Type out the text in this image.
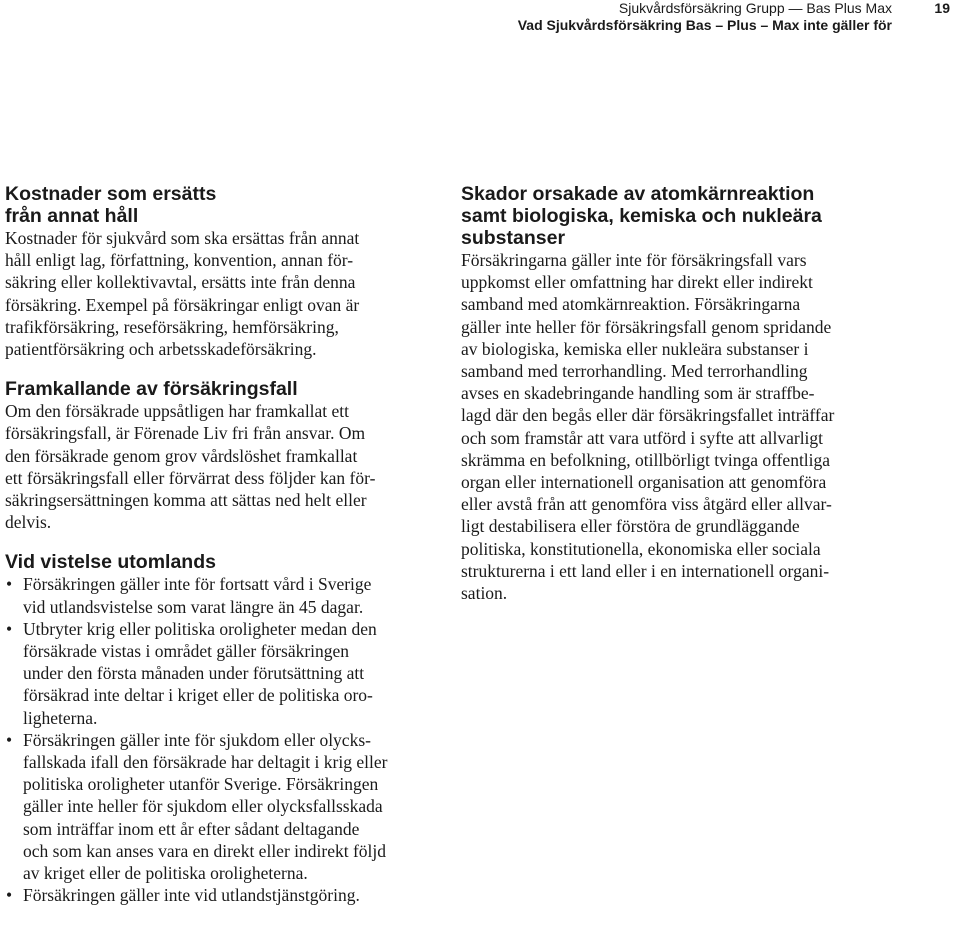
Sjukvårdsförsäkring Grupp — Bas Plus Max
Vad Sjukvårdsförsäkring Bas – Plus – Max inte gäller för
19
Kostnader som ersätts
från annat håll

Kostnader för sjukvård som ska ersättas från annat
håll enligt lag, författning, konvention, annan för-
säkring eller kollektivavtal, ersätts inte från denna
försäkring. Exempel på försäkringar enligt ovan är
trafikförsäkring, reseförsäkring, hemförsäkring,
patientförsäkring och arbetsskadeförsäkring.

Framkallande av försäkringsfall

Om den försäkrade uppsåtligen har framkallat ett
försäkringsfall, är Förenade Liv fri från ansvar. Om
den försäkrade genom grov vårdslöshet framkallat
ett försäkringsfall eller förvärrat dess följder kan för-
säkringsersättningen komma att sättas ned helt eller
delvis.

Vid vistelse utomlands
• Försäkringen gäller inte för fortsatt vård i Sverige
vid utlandsvistelse som varat längre än 45 dagar.
• Utbryter krig eller politiska oroligheter medan den
försäkrade vistas i området gäller försäkringen
under den första månaden under förutsättning att
försäkrad inte deltar i kriget eller de politiska oro-
ligheterna.
• Försäkringen gäller inte för sjukdom eller olycks-
fallskada ifall den försäkrade har deltagit i krig eller
politiska oroligheter utanför Sverige. Försäkringen
gäller inte heller för sjukdom eller olycksfallsskada
som inträffar inom ett år efter sådant deltagande
och som kan anses vara en direkt eller indirekt följd
av kriget eller de politiska oroligheterna.
• Försäkringen gäller inte vid utlandstjänstgöring.
Skador orsakade av atomkärnreaktion
samt biologiska, kemiska och nukleära
substanser

Försäkringarna gäller inte för försäkringsfall vars
uppkomst eller omfattning har direkt eller indirekt
samband med atomkärnreaktion. Försäkringarna
gäller inte heller för försäkringsfall genom spridande
av biologiska, kemiska eller nukleära substanser i
samband med terrorhandling. Med terrorhandling
avses en skadebringande handling som är straffbe-
lagd där den begås eller där försäkringsfallet inträffar
och som framstår att vara utförd i syfte att allvarligt
skrämma en befolkning, otillbörligt tvinga offentliga
organ eller internationell organisation att genomföra
eller avstå från att genomföra viss åtgärd eller allvar-
ligt destabilisera eller förstöra de grundläggande
politiska, konstitutionella, ekonomiska eller sociala
strukturerna i ett land eller i en internationell organi-
sation.
